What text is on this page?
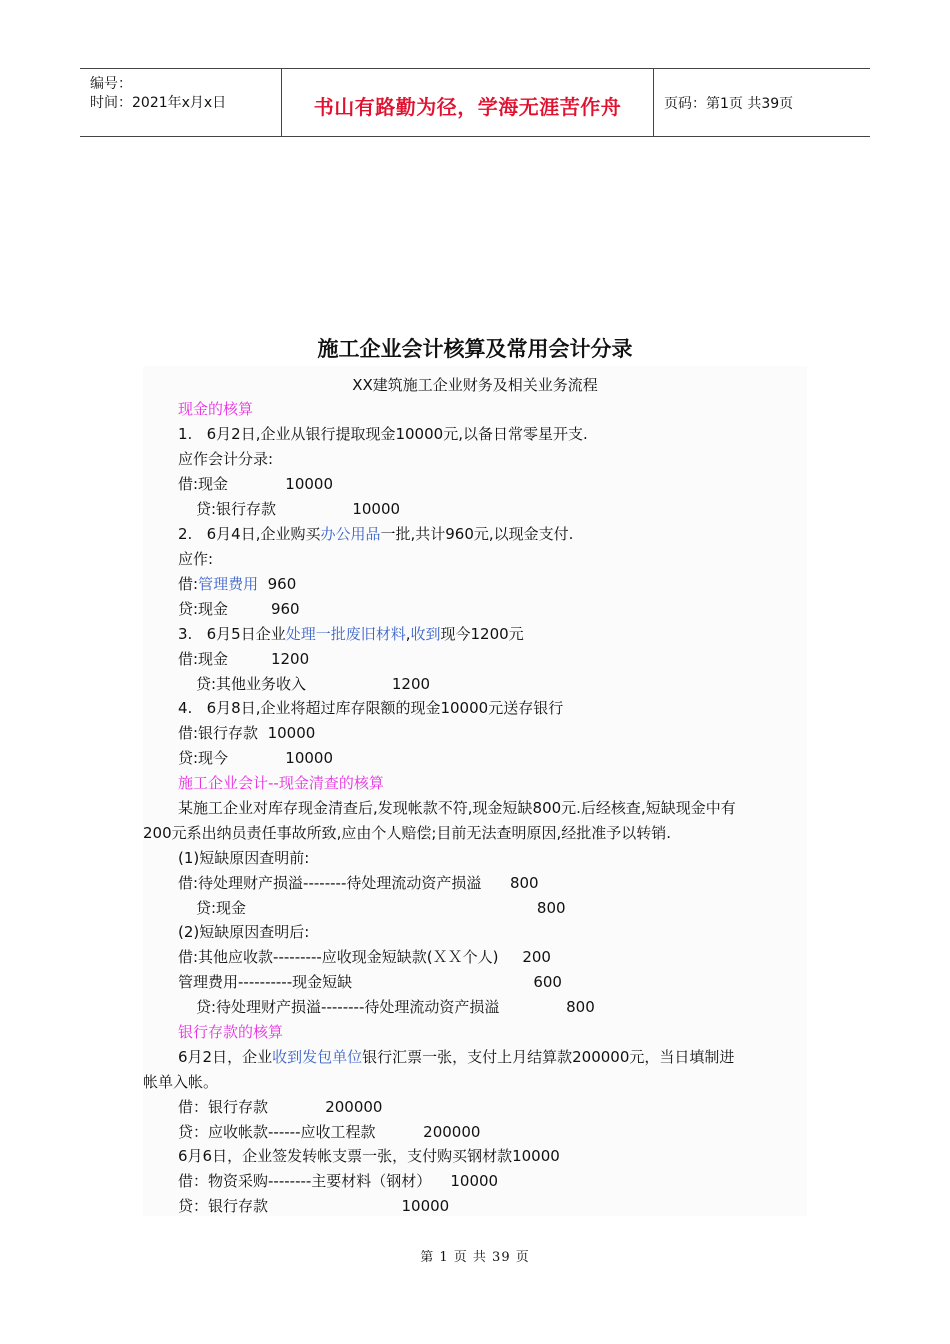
编号：
时间：2021年x月x日	书山有路勤为径，学海无涯苦作舟	页码：第1页 共39页
施工企业会计核算及常用会计分录
XX建筑施工企业财务及相关业务流程
现金的核算
1.   6月2日,企业从银行提取现金10000元,以备日常零星开支.
应作会计分录:
借:现金            10000
贷:银行存款                10000
2.   6月4日,企业购买办公用品一批,共计960元,以现金支付.
应作:
借:管理费用  960
贷:现金         960
3.   6月5日企业处理一批废旧材料,收到现今1200元
借:现金         1200
贷:其他业务收入                  1200
4.   6月8日,企业将超过库存限额的现金10000元送存银行
借:银行存款  10000
贷:现今            10000
施工企业会计--现金清查的核算
某施工企业对库存现金清查后,发现帐款不符,现金短缺800元.后经核查,短缺现金中有
200元系出纳员责任事故所致,应由个人赔偿;目前无法查明原因,经批准予以转销.
(1)短缺原因查明前:
借:待处理财产损溢--------待处理流动资产损溢      800
贷:现金                                                             800
(2)短缺原因查明后:
借:其他应收款---------应收现金短缺款(ＸＸ个人)     200
管理费用----------现金短缺                                      600
贷:待处理财产损溢--------待处理流动资产损溢              800
银行存款的核算
6月2日，企业收到发包单位银行汇票一张，支付上月结算款200000元，当日填制进
帐单入帐。
借：银行存款            200000
贷：应收帐款------应收工程款          200000
6月6日，企业签发转帐支票一张，支付购买钢材款10000
借：物资采购--------主要材料（钢材）    10000
贷：银行存款                            10000
第 1 页 共 39 页
